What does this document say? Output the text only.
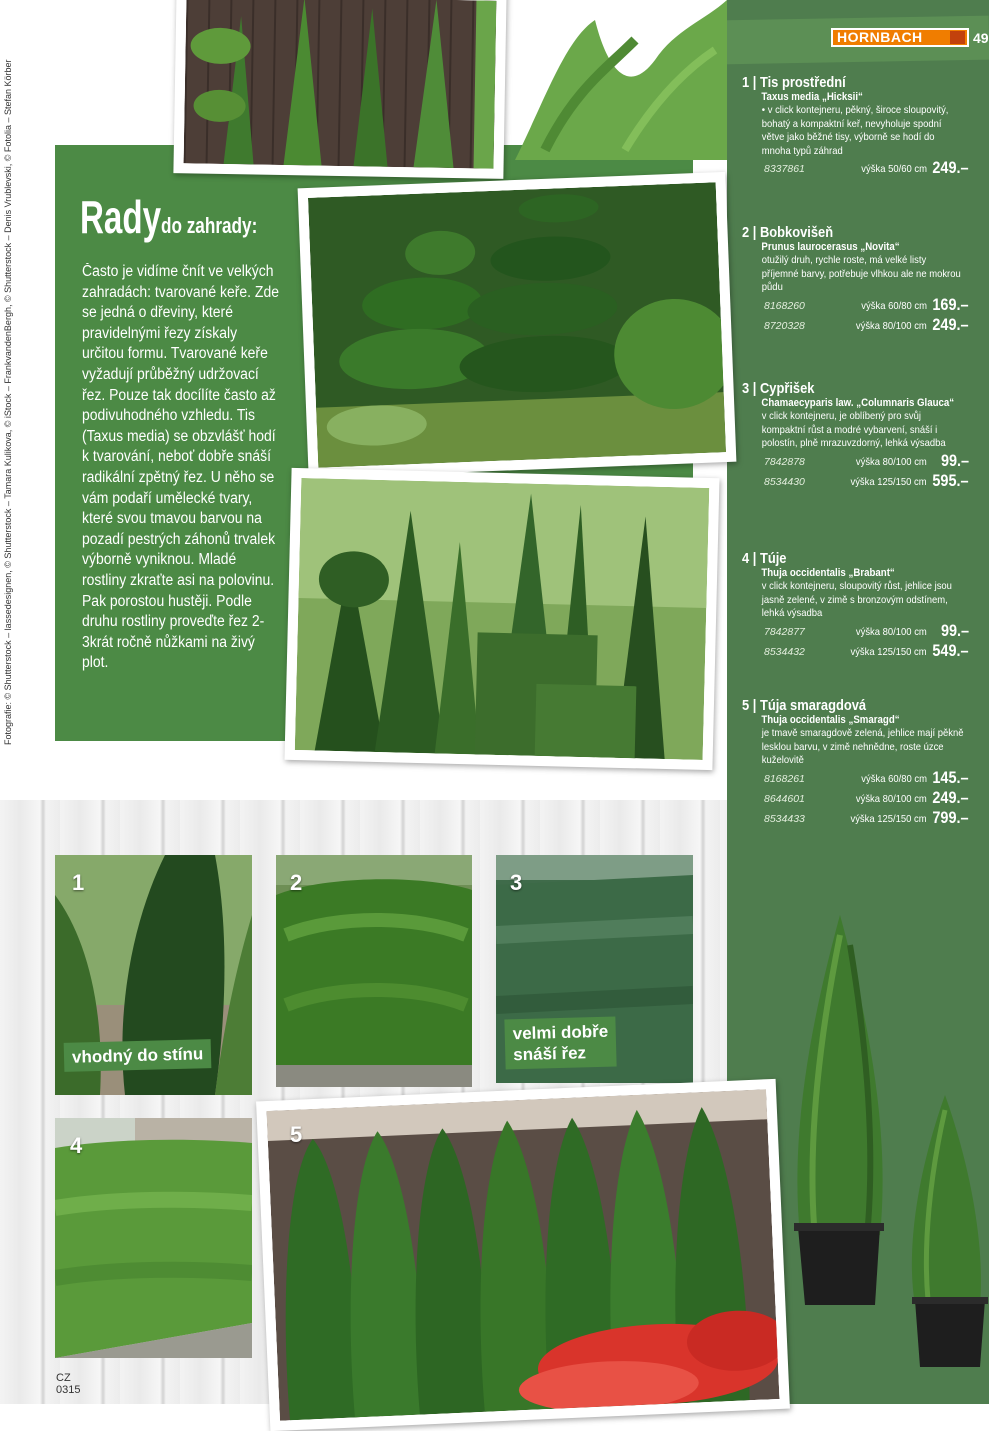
HORNBACH	49
1 | Tis prostřední
Taxus media „Hicksii“
• v click kontejneru, pěkný, široce sloupovitý, bohatý a kompaktní keř, nevyholuje spodní větve jako běžné tisy, výborně se hodí do mnoha typů záhrad
8337861	výška 50/60 cm 249.–
2 | Bobkovišeň
Prunus laurocerasus „Novita“
otužilý druh, rychle roste, má velké listy příjemné barvy, potřebuje vlhkou ale ne mokrou půdu
8168260	výška 60/80 cm 169.–
8720328	výška 80/100 cm 249.–
3 | Cypřišek
Chamaecyparis law. „Columnaris Glauca“
v click kontejneru, je oblíbený pro svůj kompaktní růst a modré vybarvení, snáší i polostín, plně mrazuvzdorný, lehká výsadba
7842878	výška 80/100 cm 99.–
8534430	výška 125/150 cm 595.–
4 | Túje
Thuja occidentalis „Brabant“
v click kontejneru, sloupovitý růst, jehlice jsou jasně zelené, v zimě s bronzovým odstínem, lehká výsadba
7842877	výška 80/100 cm 99.–
8534432	výška 125/150 cm 549.–
5 | Túja smaragdová
Thuja occidentalis „Smaragd“
je tmavě smaragdově zelená, jehlice mají pěkně lesklou barvu, v zimě nehnědne, roste úzce kuželovitě
8168261	výška 60/80 cm 145.–
8644601	výška 80/100 cm 249.–
8534433	výška 125/150 cm 799.–
Rady do zahrady:
Často je vidíme čnít ve velkých zahradách: tvarované keře. Zde se jedná o dřeviny, které pravidelnými řezy získaly určitou formu. Tvarované keře vyžadují průběžný udržovací řez. Pouze tak docílíte často až podivuhodného vzhledu. Tis (Taxus media) se obzvlášť hodí k tvarování, neboť dobře snáší radikální zpětný řez. U něho se vám podaří umělecké tvary, které svou tmavou barvou na pozadí pestrých záhonů trvalek výborně vyniknou. Mladé rostliny zkraťte asi na polovinu. Pak porostou hustěji. Podle druhu rostliny proveďte řez 2-3krát ročně nůžkami na živý plot.
Fotografie: © Shutterstock – lassedesignen, © Shutterstock – Tamara Kulikova, © iStock – FrankvandenBergh, © Shutterstock – Denis Vrublevski, © Fotolia – Stefan Körber
1
vhodný do stínu
2	3
velmi dobře
snáší řez
4	5
CZ
0315
